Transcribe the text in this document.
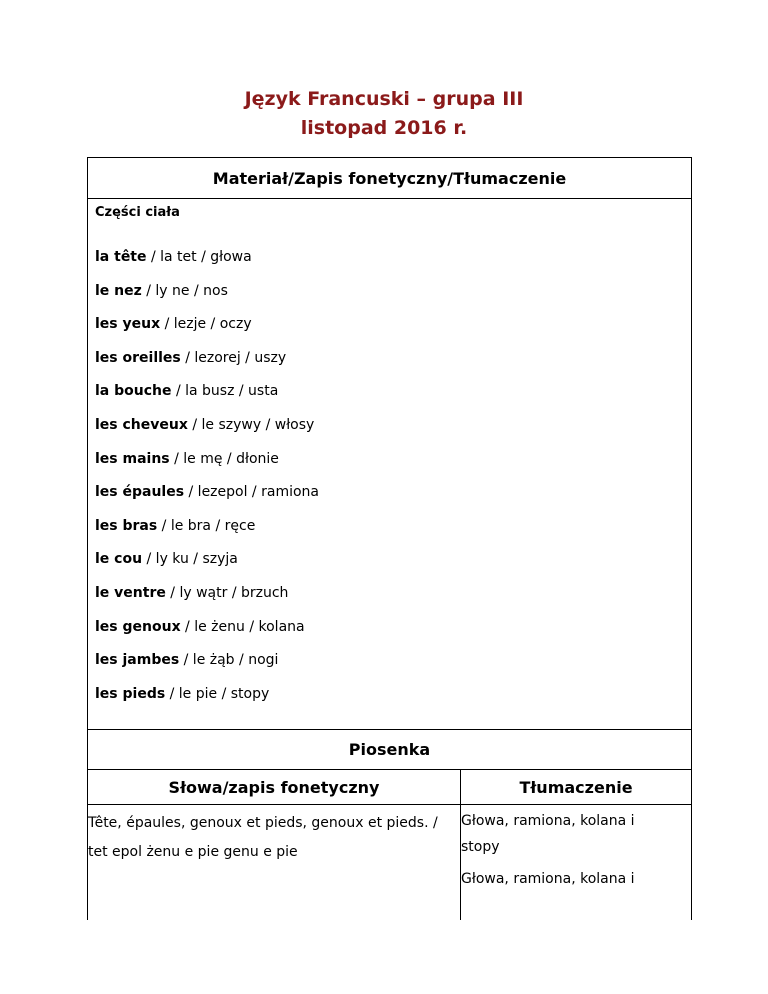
Język Francuski – grupa III
listopad 2016 r.
Materiał/Zapis fonetyczny/Tłumaczenie
Części ciała
la tête / la tet / głowa
le nez / ly ne / nos
les yeux / lezje / oczy
les oreilles / lezorej / uszy
la bouche / la busz / usta
les cheveux / le szywy / włosy
les mains / le mę / dłonie
les épaules / lezepol / ramiona
les bras / le bra / ręce
le cou / ly ku / szyja
le ventre / ly wątr / brzuch
les genoux / le żenu / kolana
les jambes / le żąb / nogi
les pieds / le pie / stopy
Piosenka
Słowa/zapis fonetyczny	Tłumaczenie
Tête, épaules, genoux et pieds, genoux et pieds. / tet epol żenu e pie genu e pie
Głowa, ramiona, kolana i
stopy
Głowa, ramiona, kolana i
